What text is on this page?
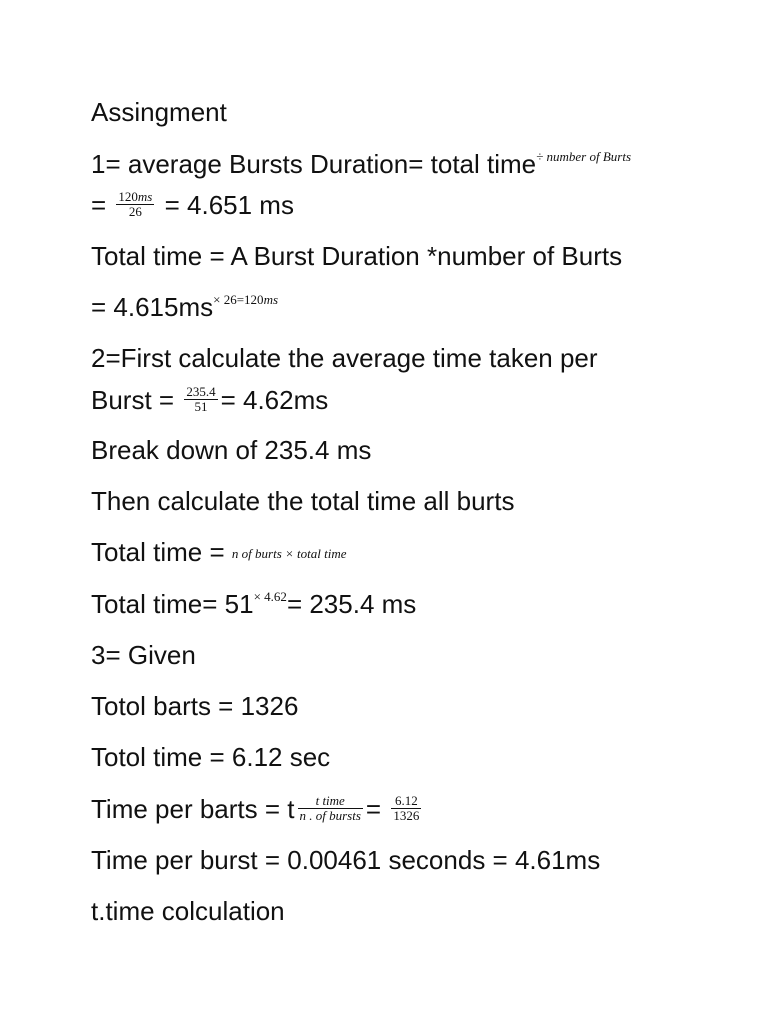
Assingment
1= average Bursts Duration= total time÷ number of Burts
= $\frac{120ms}{26} = 4.651$ ms
Total time = A Burst Duration *number of Burts
= 4.615ms× 26=120ms
2=First calculate the average time taken per
Burst = $\frac{235.4}{51} = 4.62ms$
Break down of 235.4 ms
Then calculate the total time all burts
Total time = n of burts × total time
Total time= 51× 4.62= 235.4 ms
3= Given
Totol barts = 1326
Totol time = 6.12 sec
Time per barts = t $\frac{\text{t time}}{\text{n . of bursts}} = \frac{6.12}{1326}$
Time per burst = 0.00461 seconds = 4.61ms
t.time colculation
